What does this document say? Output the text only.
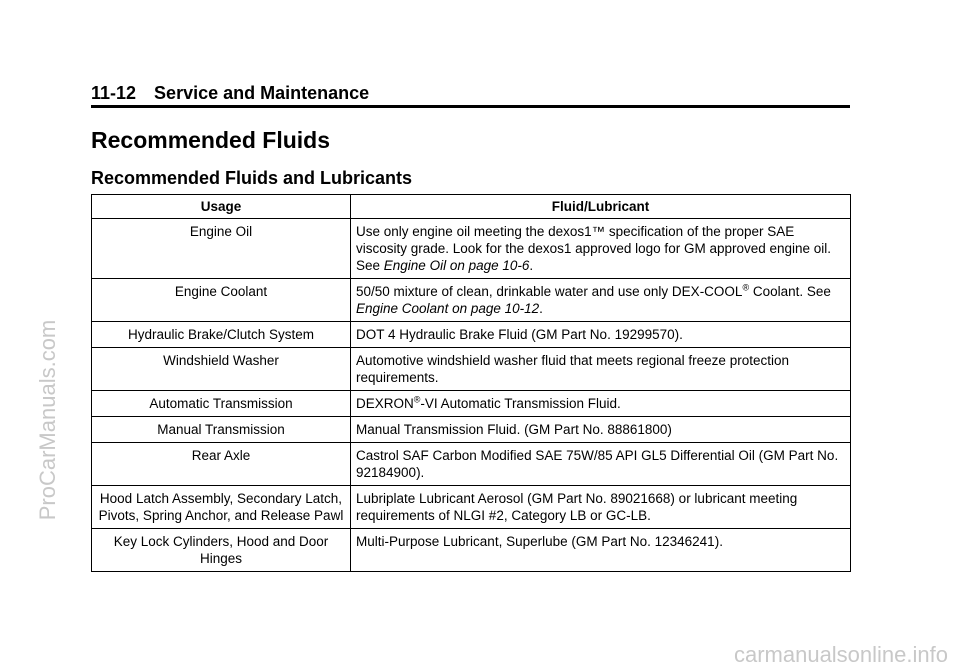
ProCarManuals.com
carmanualsonline.info
11-12 Service and Maintenance
Recommended Fluids
Recommended Fluids and Lubricants
Usage	Fluid/Lubricant
Engine Oil	Use only engine oil meeting the dexos1™ specification of the proper SAE viscosity grade. Look for the dexos1 approved logo for GM approved engine oil. See Engine Oil on page 10-6.
Engine Coolant	50/50 mixture of clean, drinkable water and use only DEX-COOL® Coolant. See Engine Coolant on page 10-12.
Hydraulic Brake/Clutch System	DOT 4 Hydraulic Brake Fluid (GM Part No. 19299570).
Windshield Washer	Automotive windshield washer fluid that meets regional freeze protection requirements.
Automatic Transmission	DEXRON®-VI Automatic Transmission Fluid.
Manual Transmission	Manual Transmission Fluid. (GM Part No. 88861800)
Rear Axle	Castrol SAF Carbon Modified SAE 75W/85 API GL5 Differential Oil (GM Part No. 92184900).
Hood Latch Assembly, Secondary Latch, Pivots, Spring Anchor, and Release Pawl	Lubriplate Lubricant Aerosol (GM Part No. 89021668) or lubricant meeting requirements of NLGI #2, Category LB or GC-LB.
Key Lock Cylinders, Hood and Door Hinges	Multi-Purpose Lubricant, Superlube (GM Part No. 12346241).
